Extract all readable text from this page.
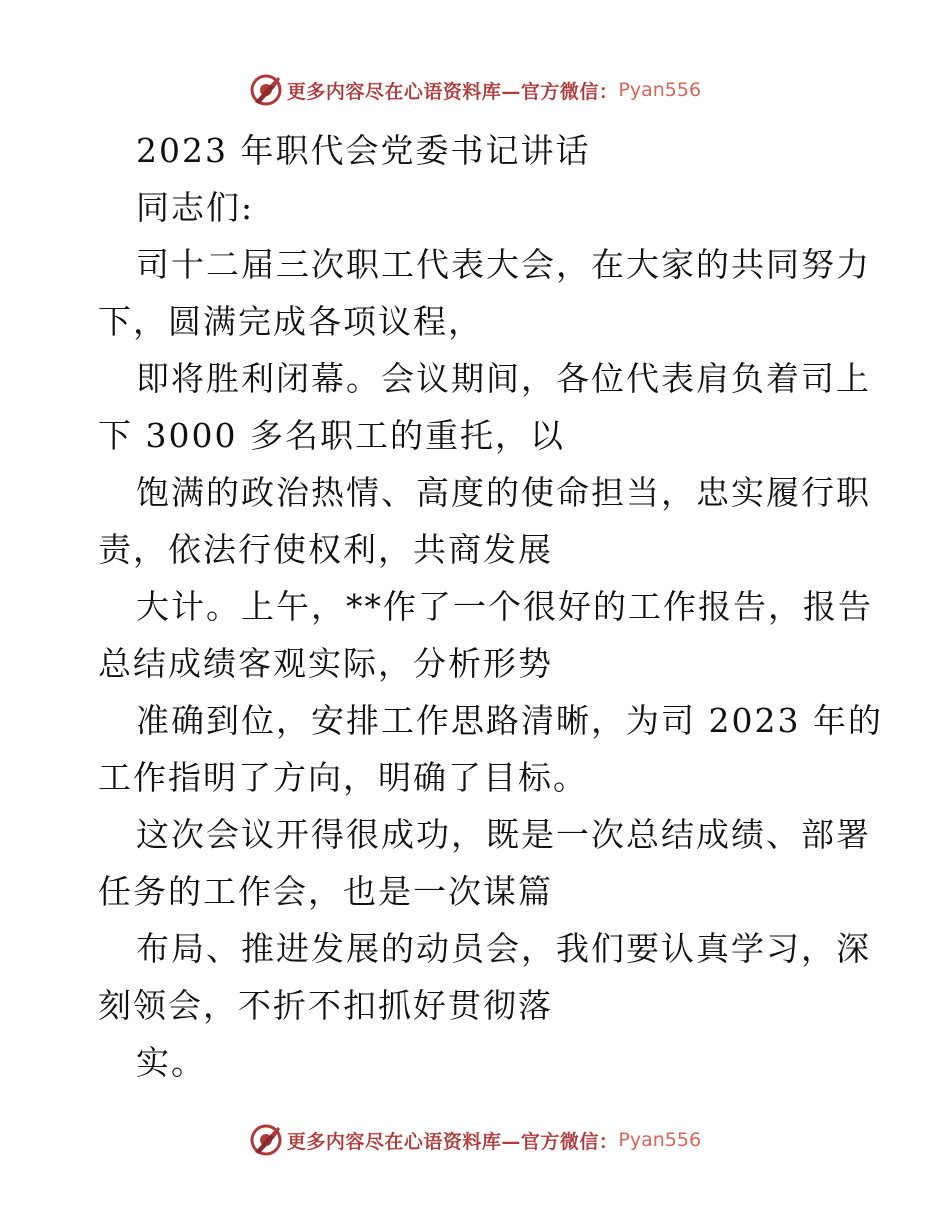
更多内容尽在心语资料库—官方微信： Pyan556
2023 年职代会党委书记讲话
同志们:
司十二届三次职工代表大会，在大家的共同努力
下，圆满完成各项议程，
即将胜利闭幕。会议期间，各位代表肩负着司上
下 3000 多名职工的重托，以
饱满的政治热情、高度的使命担当，忠实履行职
责，依法行使权利，共商发展
大计。上午，**作了一个很好的工作报告，报告
总结成绩客观实际，分析形势
准确到位，安排工作思路清晰，为司 2023 年的
工作指明了方向，明确了目标。
这次会议开得很成功，既是一次总结成绩、部署
任务的工作会，也是一次谋篇
布局、推进发展的动员会，我们要认真学习，深
刻领会，不折不扣抓好贯彻落
实。
更多内容尽在心语资料库—官方微信： Pyan556
